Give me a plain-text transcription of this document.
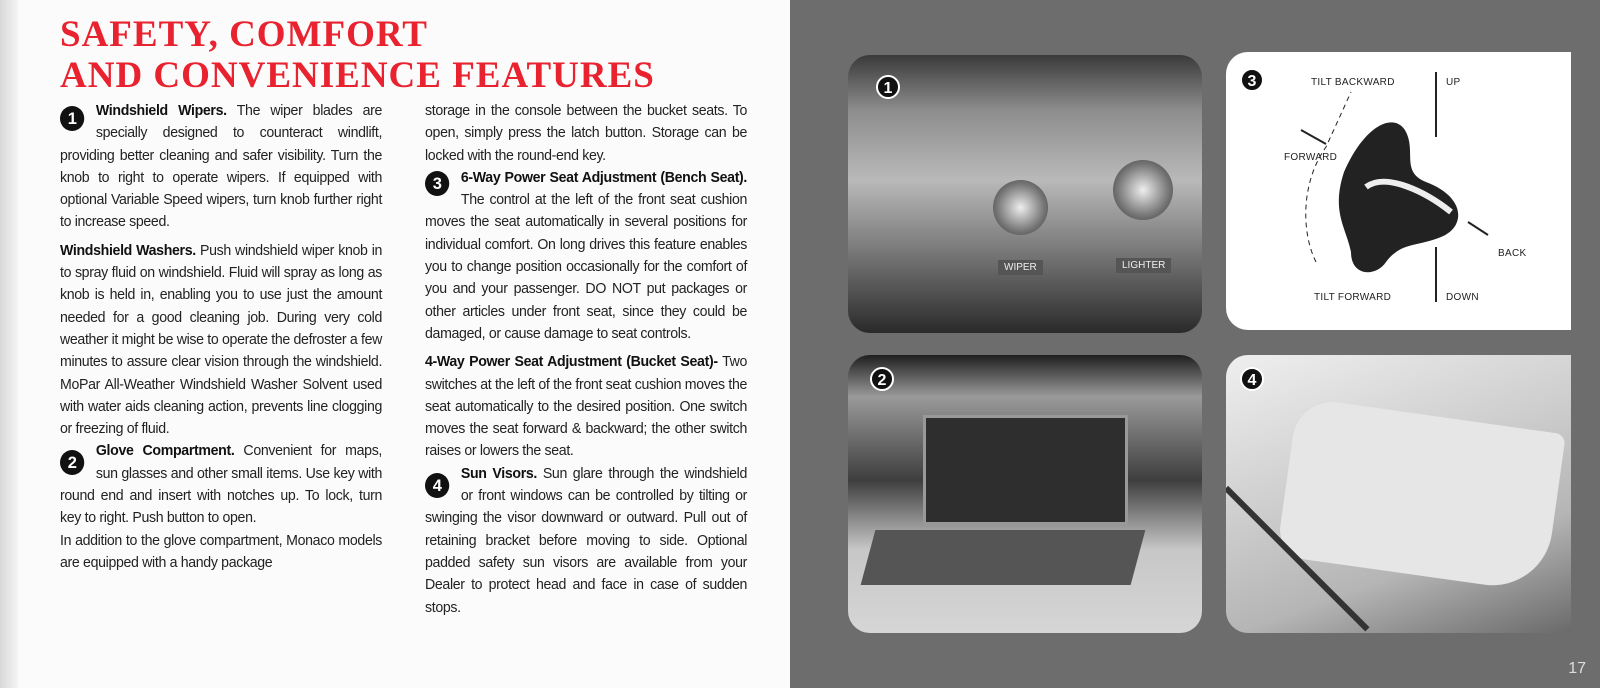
SAFETY, COMFORT
AND CONVENIENCE FEATURES

1	Windshield Wipers. The wiper blades are specially designed to counteract windlift, providing better cleaning and safer visibility. Turn the knob to right to operate wipers. If equipped with optional Variable Speed wipers, turn knob further right to increase speed.

Windshield Washers. Push windshield wiper knob in to spray fluid on windshield. Fluid will spray as long as knob is held in, enabling you to use just the amount needed for a good cleaning job. During very cold weather it might be wise to operate the defroster a few minutes to assure clear vision through the windshield. MoPar All-Weather Windshield Washer Solvent used with water aids cleaning action, prevents line clogging or freezing of fluid.

2
Glove Compartment. Convenient for maps, sun glasses and other small items. Use key with round end and insert with notches up. To lock, turn key to right. Push button to open.

In addition to the glove compartment, Monaco models are equipped with a handy package

storage in the console between the bucket seats. To open, simply press the latch button. Storage can be locked with the round-end key.

3	6-Way Power Seat Adjustment (Bench Seat). The control at the left of the front seat cushion moves the seat automatically in several positions for individual comfort. On long drives this feature enables you to change position occasionally for the comfort of you and your passenger. DO NOT put packages or other articles under front seat, since they could be damaged, or cause damage to seat controls.

4-Way Power Seat Adjustment (Bucket Seat)- Two switches at the left of the front seat cushion moves the seat automatically to the desired position. One switch moves the seat forward & backward; the other switch raises or lowers the seat.

4
Sun Visors. Sun glare through the windshield or front windows can be controlled by tilting or swinging the visor downward or outward. Pull out of retaining bracket before moving to side. Optional padded safety sun visors are available from your Dealer to protect head and face in case of sudden stops.

WIPER	LIGHTER
1
2
3	TILT BACKWARD	UP
FORWARD
BACK
TILT FORWARD	DOWN
4
17
